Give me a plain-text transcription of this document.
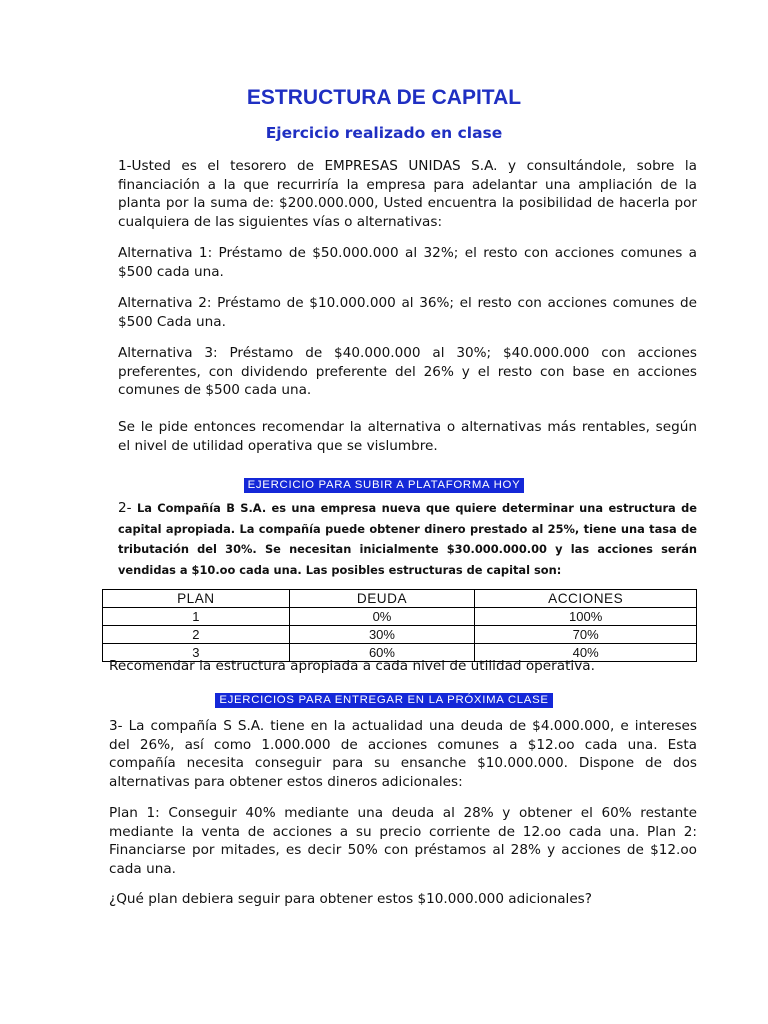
ESTRUCTURA DE CAPITAL
Ejercicio realizado en clase

1-Usted es el tesorero de EMPRESAS UNIDAS S.A. y consultándole, sobre la financiación a la que recurriría la empresa para adelantar una ampliación de la planta por la suma de: $200.000.000, Usted encuentra la posibilidad de hacerla por cualquiera de las siguientes vías o alternativas:

Alternativa 1: Préstamo de $50.000.000 al 32%; el resto con acciones comunes a $500 cada una.

Alternativa 2: Préstamo de $10.000.000 al 36%; el resto con acciones comunes de $500 Cada una.

Alternativa 3: Préstamo de $40.000.000 al 30%; $40.000.000 con acciones preferentes, con dividendo preferente del 26% y el resto con base en acciones comunes de $500 cada una.

Se le pide entonces recomendar la alternativa o alternativas más rentables, según el nivel de utilidad operativa que se vislumbre.

EJERCICIO PARA SUBIR A PLATAFORMA HOY

2- La Compañía B S.A. es una empresa nueva que quiere determinar una estructura de capital apropiada. La compañía puede obtener dinero prestado al 25%, tiene una tasa de tributación del 30%. Se necesitan inicialmente $30.000.000.00 y las acciones serán vendidas a $10.oo cada una. Las posibles estructuras de capital son:

PLAN	DEUDA	ACCIONES
1	0%	100%
2	30%	70%
3	60%	40%

Recomendar la estructura apropiada a cada nivel de utilidad operativa.

EJERCICIOS PARA ENTREGAR EN LA PRÓXIMA CLASE

3- La compañía S S.A. tiene en la actualidad una deuda de $4.000.000, e intereses del 26%, así como 1.000.000 de acciones comunes a $12.oo cada una. Esta compañía necesita conseguir para su ensanche $10.000.000. Dispone de dos alternativas para obtener estos dineros adicionales:

Plan 1: Conseguir 40% mediante una deuda al 28% y obtener el 60% restante mediante la venta de acciones a su precio corriente de 12.oo cada una. Plan 2: Financiarse por mitades, es decir 50% con préstamos al 28% y acciones de $12.oo cada una.

¿Qué plan debiera seguir para obtener estos $10.000.000 adicionales?
